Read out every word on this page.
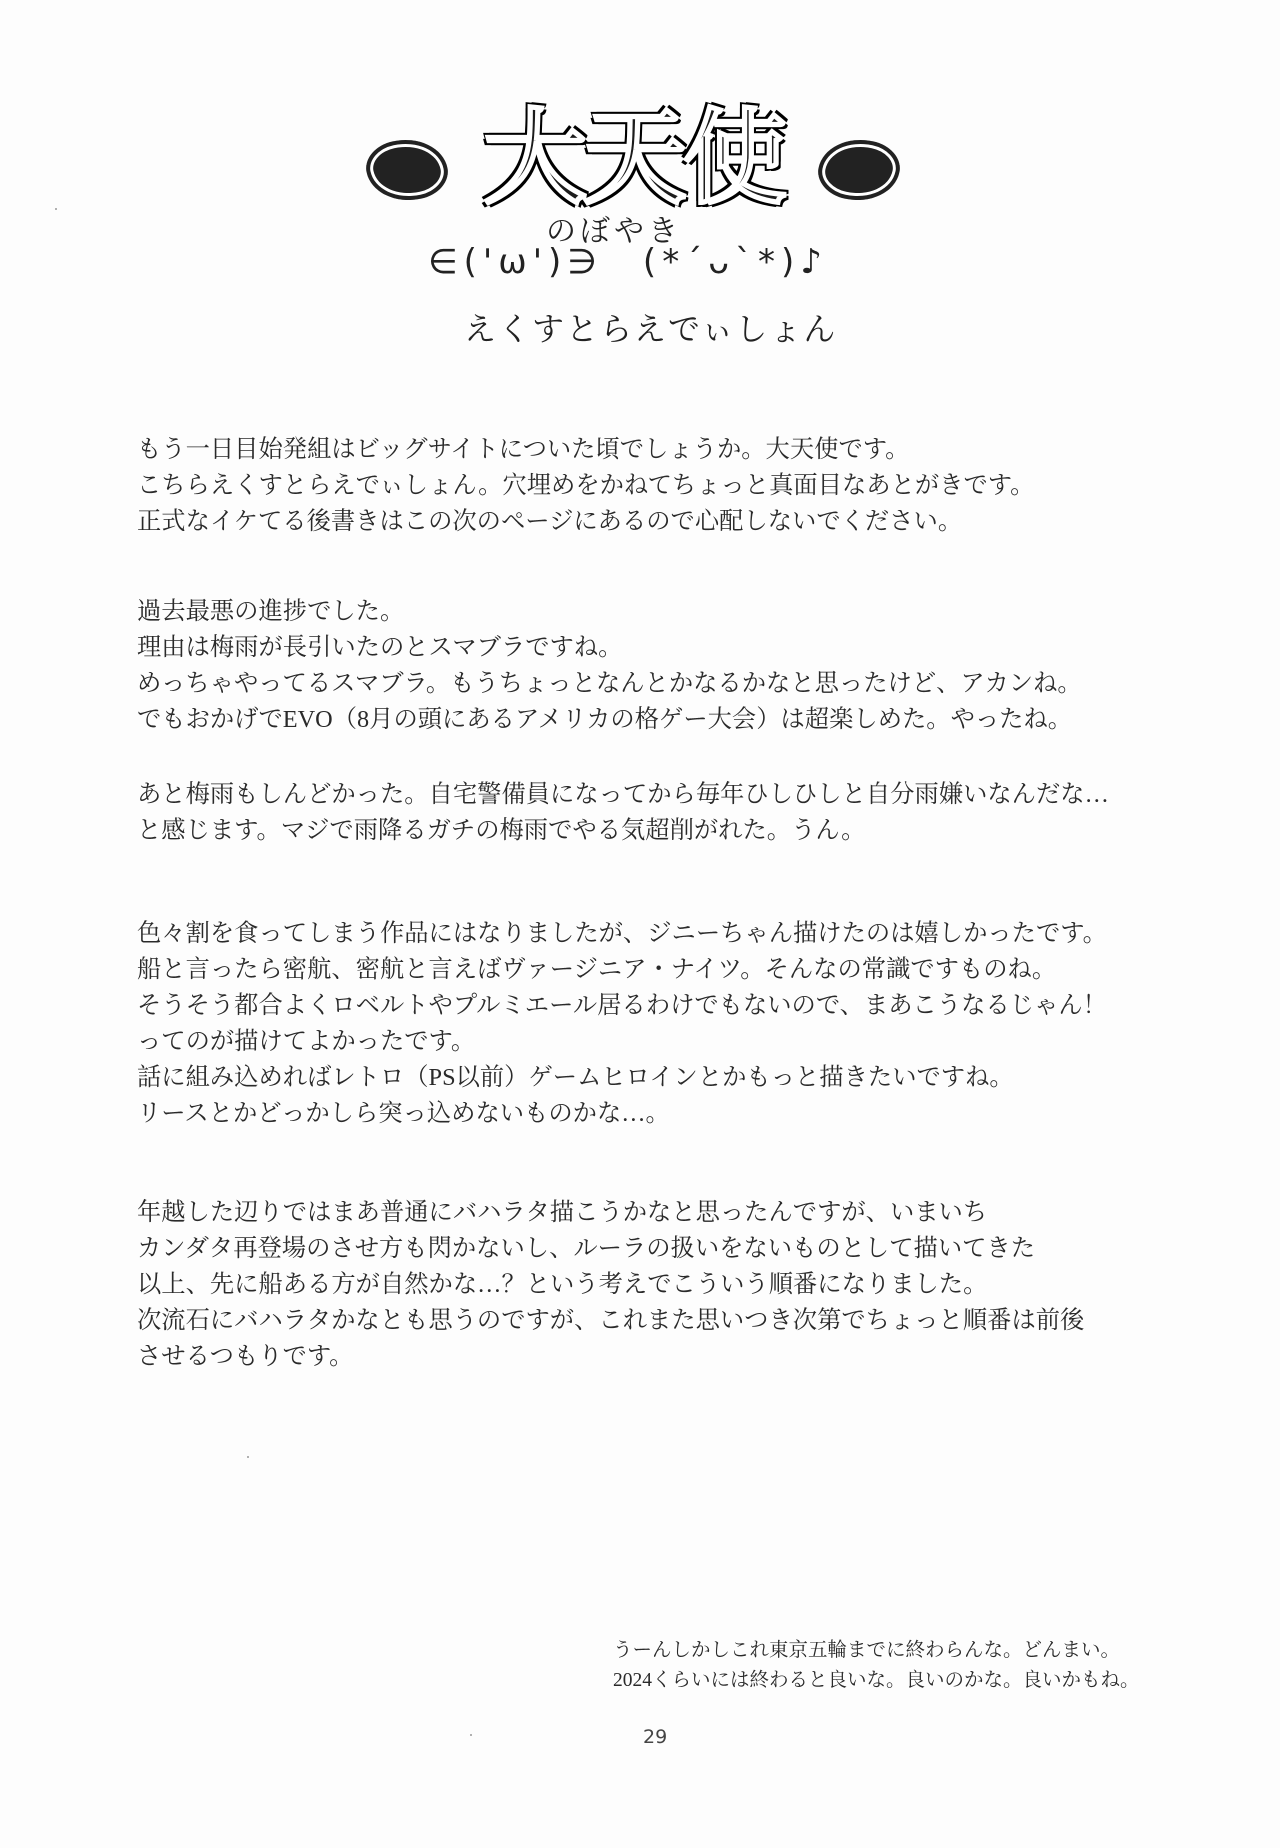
大天使
のぼやき
∈('ω')∋　(*´ᴗ`*)♪
えくすとらえでぃしょん
もう一日目始発組はビッグサイトについた頃でしょうか。大天使です。
こちらえくすとらえでぃしょん。穴埋めをかねてちょっと真面目なあとがきです。
正式なイケてる後書きはこの次のページにあるので心配しないでください。
過去最悪の進捗でした。
理由は梅雨が長引いたのとスマブラですね。
めっちゃやってるスマブラ。もうちょっとなんとかなるかなと思ったけど、アカンね。
でもおかげでEVO（8月の頭にあるアメリカの格ゲー大会）は超楽しめた。やったね。
あと梅雨もしんどかった。自宅警備員になってから毎年ひしひしと自分雨嫌いなんだな…
と感じます。マジで雨降るガチの梅雨でやる気超削がれた。うん。
色々割を食ってしまう作品にはなりましたが、ジニーちゃん描けたのは嬉しかったです。
船と言ったら密航、密航と言えばヴァージニア・ナイツ。そんなの常識ですものね。
そうそう都合よくロベルトやプルミエール居るわけでもないので、まあこうなるじゃん！
ってのが描けてよかったです。
話に組み込めればレトロ（PS以前）ゲームヒロインとかもっと描きたいですね。
リースとかどっかしら突っ込めないものかな…。
年越した辺りではまあ普通にバハラタ描こうかなと思ったんですが、いまいち
カンダタ再登場のさせ方も閃かないし、ルーラの扱いをないものとして描いてきた
以上、先に船ある方が自然かな…？という考えでこういう順番になりました。
次流石にバハラタかなとも思うのですが、これまた思いつき次第でちょっと順番は前後
させるつもりです。
うーんしかしこれ東京五輪までに終わらんな。どんまい。
2024くらいには終わると良いな。良いのかな。良いかもね。
29
